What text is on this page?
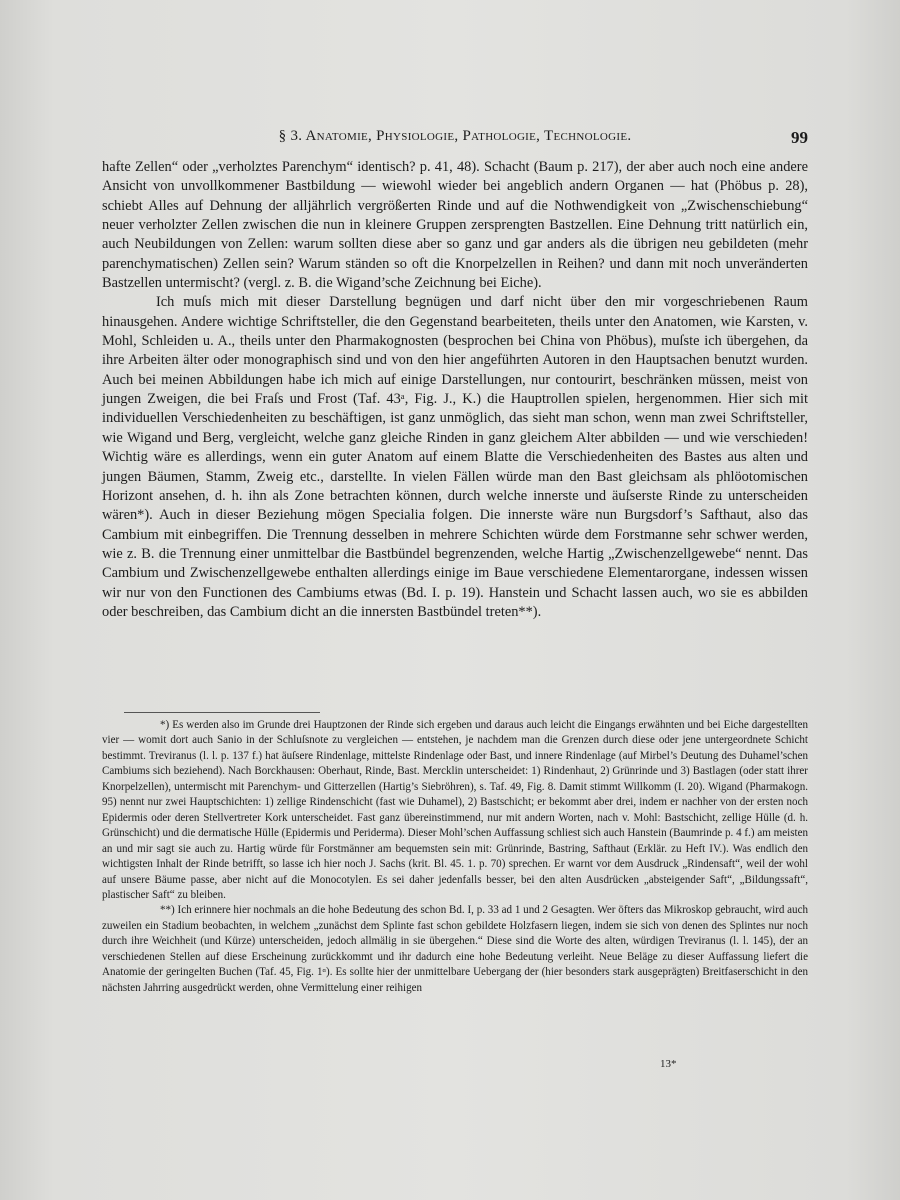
§ 3. Anatomie, Physiologie, Pathologie, Technologie.	99

hafte Zellen“ oder „verholztes Parenchym“ identisch? p. 41, 48). Schacht (Baum p. 217), der aber auch noch eine andere Ansicht von unvollkommener Bastbildung — wiewohl wieder bei angeblich andern Organen — hat (Phöbus p. 28), schiebt Alles auf Dehnung der alljährlich vergrößerten Rinde und auf die Nothwendigkeit von „Zwischenschiebung“ neuer verholzter Zellen zwischen die nun in kleinere Gruppen zersprengten Bastzellen. Eine Dehnung tritt natürlich ein, auch Neubildungen von Zellen: warum sollten diese aber so ganz und gar anders als die übrigen neu gebildeten (mehr parenchymatischen) Zellen sein? Warum ständen so oft die Knorpelzellen in Reihen? und dann mit noch unveränderten Bastzellen untermischt? (vergl. z. B. die Wigand’sche Zeichnung bei Eiche).

Ich muſs mich mit dieser Darstellung begnügen und darf nicht über den mir vorgeschriebenen Raum hinausgehen. Andere wichtige Schriftsteller, die den Gegenstand bearbeiteten, theils unter den Anatomen, wie Karsten, v. Mohl, Schleiden u. A., theils unter den Pharmakognosten (besprochen bei China von Phöbus), muſste ich übergehen, da ihre Arbeiten älter oder monographisch sind und von den hier angeführten Autoren in den Hauptsachen benutzt wurden. Auch bei meinen Abbildungen habe ich mich auf einige Darstellungen, nur contourirt, beschränken müssen, meist von jungen Zweigen, die bei Fraſs und Frost (Taf. 43ᵃ, Fig. J., K.) die Hauptrollen spielen, hergenommen. Hier sich mit individuellen Verschiedenheiten zu beschäftigen, ist ganz unmöglich, das sieht man schon, wenn man zwei Schriftsteller, wie Wigand und Berg, vergleicht, welche ganz gleiche Rinden in ganz gleichem Alter abbilden — und wie verschieden! Wichtig wäre es allerdings, wenn ein guter Anatom auf einem Blatte die Verschiedenheiten des Bastes aus alten und jungen Bäumen, Stamm, Zweig etc., darstellte. In vielen Fällen würde man den Bast gleichsam als phlöotomischen Horizont ansehen, d. h. ihn als Zone betrachten können, durch welche innerste und äuſserste Rinde zu unterscheiden wären*). Auch in dieser Beziehung mögen Specialia folgen. Die innerste wäre nun Burgsdorf’s Safthaut, also das Cambium mit einbegriffen. Die Trennung desselben in mehrere Schichten würde dem Forstmanne sehr schwer werden, wie z. B. die Trennung einer unmittelbar die Bastbündel begrenzenden, welche Hartig „Zwischenzellgewebe“ nennt. Das Cambium und Zwischenzellgewebe enthalten allerdings einige im Baue verschiedene Elementarorgane, indessen wissen wir nur von den Functionen des Cambiums etwas (Bd. I. p. 19). Hanstein und Schacht lassen auch, wo sie es abbilden oder beschreiben, das Cambium dicht an die innersten Bastbündel treten**).

*) Es werden also im Grunde drei Hauptzonen der Rinde sich ergeben und daraus auch leicht die Eingangs erwähnten und bei Eiche dargestellten vier — womit dort auch Sanio in der Schluſsnote zu vergleichen — entstehen, je nachdem man die Grenzen durch diese oder jene untergeordnete Schicht bestimmt. Treviranus (l. l. p. 137 f.) hat äuſsere Rindenlage, mittelste Rindenlage oder Bast, und innere Rindenlage (auf Mirbel’s Deutung des Duhamel’schen Cambiums sich beziehend). Nach Borckhausen: Oberhaut, Rinde, Bast. Mercklin unterscheidet: 1) Rindenhaut, 2) Grünrinde und 3) Bastlagen (oder statt ihrer Knorpelzellen), untermischt mit Parenchym- und Gitterzellen (Hartig’s Siebröhren), s. Taf. 49, Fig. 8. Damit stimmt Willkomm (I. 20). Wigand (Pharmakogn. 95) nennt nur zwei Hauptschichten: 1) zellige Rindenschicht (fast wie Duhamel), 2) Bastschicht; er bekommt aber drei, indem er nachher von der ersten noch Epidermis oder deren Stellvertreter Kork unterscheidet. Fast ganz übereinstimmend, nur mit andern Worten, nach v. Mohl: Bastschicht, zellige Hülle (d. h. Grünschicht) und die dermatische Hülle (Epidermis und Periderma). Dieser Mohl’schen Auffassung schliest sich auch Hanstein (Baumrinde p. 4 f.) am meisten an und mir sagt sie auch zu. Hartig würde für Forstmänner am bequemsten sein mit: Grünrinde, Bastring, Safthaut (Erklär. zu Heft IV.). Was endlich den wichtigsten Inhalt der Rinde betrifft, so lasse ich hier noch J. Sachs (krit. Bl. 45. 1. p. 70) sprechen. Er warnt vor dem Ausdruck „Rindensaft“, weil der wohl auf unsere Bäume passe, aber nicht auf die Monocotylen. Es sei daher jedenfalls besser, bei den alten Ausdrücken „absteigender Saft“, „Bildungssaft“, plastischer Saft“ zu bleiben.

**) Ich erinnere hier nochmals an die hohe Bedeutung des schon Bd. I, p. 33 ad 1 und 2 Gesagten. Wer öfters das Mikroskop gebraucht, wird auch zuweilen ein Stadium beobachten, in welchem „zunächst dem Splinte fast schon gebildete Holzfasern liegen, indem sie sich von denen des Splintes nur noch durch ihre Weichheit (und Kürze) unterscheiden, jedoch allmälig in sie übergehen.“ Diese sind die Worte des alten, würdigen Treviranus (l. l. 145), der an verschiedenen Stellen auf diese Erscheinung zurückkommt und ihr dadurch eine hohe Bedeutung verleiht. Neue Beläge zu dieser Auffassung liefert die Anatomie der geringelten Buchen (Taf. 45, Fig. 1ᵅ). Es sollte hier der unmittelbare Uebergang der (hier besonders stark ausgeprägten) Breitfaserschicht in den nächsten Jahrring ausgedrückt werden, ohne Vermittelung einer reihigen

13*
